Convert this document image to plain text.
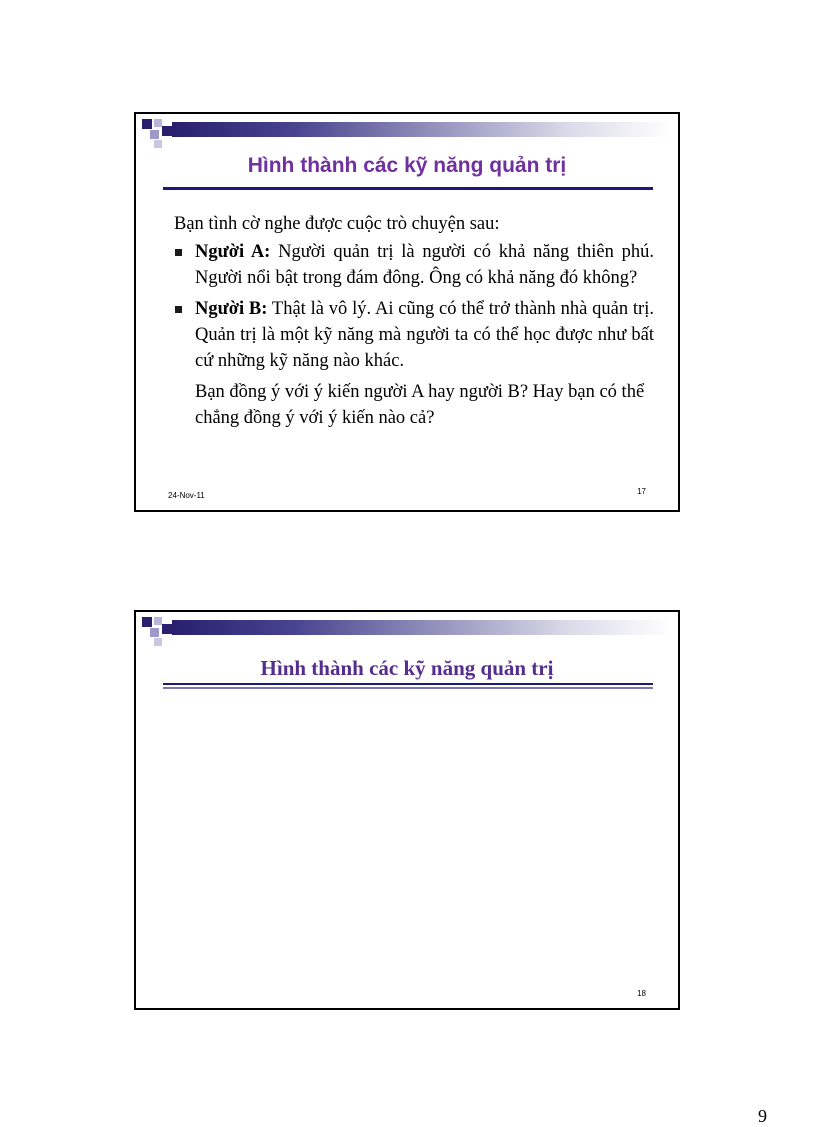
Hình thành các kỹ năng quản trị

Bạn tình cờ nghe được cuộc trò chuyện sau:

Người A: Người quản trị là người có khả năng thiên phú. Người nổi bật trong đám đông. Ông có khả năng đó không?

Người B: Thật là vô lý. Ai cũng có thể trở thành nhà quản trị. Quản trị là một kỹ năng mà người ta có thể học được như bất cứ những kỹ năng nào khác.

Bạn đồng ý với ý kiến người A hay người B? Hay bạn có thể chẳng đồng ý với ý kiến nào cả?

24-Nov-11	17
Hình thành các kỹ năng quản trị
18
9
